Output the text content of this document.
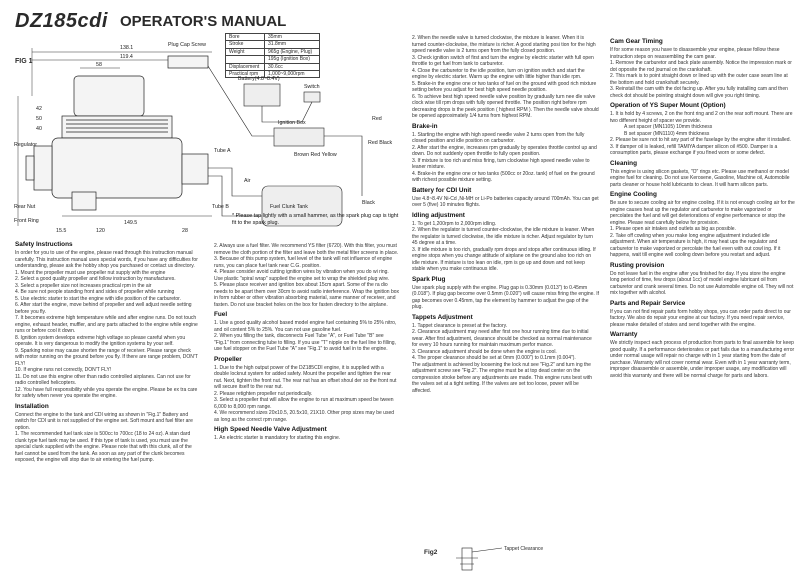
DZ185cdi OPERATOR'S MANUAL
FIG 1
Bore	35mm
Stroke	31.8mm
Weight	965g (Engine, Plug)
	195g (Ignition Box)
Displacement	30.6cc
Practical rpm	1,000~9,000rpm
138.1
119.4
Plug Cap Screw
58
42
50
40
Battery(4.8~8.4V)
Switch
Ignition Box
Brown Red Yellow
Red
Red Black
Regulator
Tube A
Air
Tube B
Rear Nut
Front Ring	149.5
Fuel Clunk Tank
Black
15.5	120	28
* Please tap lightly with a small hammer, as the spark plug cap is tight fit to the spark plug.
Safety Instructions

In order for you to use of the engine, please read through this instruction manual carefully. This instruction manual uses special words, if you have any difficulties for understanding, please ask the hobby shop you purchased or contact us directory.

1. Mount the propeller must use propeller nut supply with the engine

2. Select a good quality propeller and follow instruction by manufactures.

3. Select a propeller size not increases practical rpm in the air

4. Be sure not people standing front and sides of propeller while running

5. Use electric starter to start the engine with idle position of the carburetor.

6. After start the engine, move behind of propeller and well adjust needle setting before you fly.

7. It becomes extreme high temperature while and after engine runs. Do not touch engine, exhaust header, muffler, and any parts attached to the engine while engine runs or before cool it down.

8. Ignition system develops extreme high voltage so please careful when you operate. It is very dangerous to modify the ignition systems by your self.

9. Sparking noise may cause shorten the range of receiver. Please range check with motor running on the ground before you fly. If there are range problem, DON'T FLY!

10. If engine runs not correctly, DON'T FLY!

11. Do not use this engine other than radio controlled airplanes. Can not use for radio controlled helicopters.

12. You have full responsibility while you operate the engine. Please be ex tra care for safety when never you operate the engine.

Installation

Connect the engine to the tank and CDI wiring as shown in "Fig.1" Battery and switch for CDI unit is not supplied of the engine set. Soft mount and fuel filter are option.

1. The recommended fuel tank size is 500cc to 700cc (18 to 24 oz). A stan dard clunk type fuel tank may be used. If this type of tank is used, you must use the special clunk supplied with the engine. Please note that with this clunk, all of the fuel cannot be used from the tank. As soon as any part of the clunk becomes exposed, the engine will stop due to air entering the fuel pump.

2. Always use a fuel filter. We recommend YS filter (6720). With this filter, you must remove the cloth portion of the filter and leave both the metal filter screens in place.

3. Because of this pump system, fuel level of the tank will not influence of engine runs, you can place fuel tank near C.G. position.

4. Please consider avoid cutting ignition wires by vibration when you do wi ring. Use plastic "spiral wrap" supplied the engine set to wrap the shielded plug wire.

5. Please place receiver and ignition box about 15cm apart. Some of the ra dio needs to be apart them over 30cm to avoid radio interference. Wrap the ignition box in form rubber or other vibration absorbing material, same manner of receiver, and fasten. Do not use bracket holes on the box for fasten directory to the airplane.

Fuel

1. Use a good quality alcohol based model engine fuel containing 5% to 25% nitro, and oil content 5% to 25%. You can not use gasoline fuel.

2. When you filling the tank, disconnects Fuel Tube "A", or Fuel Tube "B" see "Fig.1" from connecting tube to filling. If you use "T" nipple on the fuel line to filling, use fuel stopper on the Fuel Tube "A" see "Fig.1" to avoid fuel in to the engine.

Propeller

1. Due to the high output power of the DZ185CDI engine, it is supplied with a double locknut system for added safety. Mount the propeller and tighten the rear nut. Next, tighten the front nut. The rear nut has an offset shoul der so the front nut will secure itself to the rear nut.

2. Please retighten propeller nut periodically.

3. Select a propeller that will allow the engine to run at maximum speed be tween 6,000 to 8,000 rpm range.

4. We recommend sizes 20x10.5, 20.5x10, 21X10. Other prop sizes may be used as long as the correct rpm range.

High Speed Needle Valve Adjustment

1. An electric starter is mandatory for starting this engine.

2. When the needle valve is turned clockwise, the mixture is leaner. When it is turned counter-clockwise, the mixture is richer. A good starting posi tion for the high speed needle valve is 2 turns open from the fully closed position.

3. Check ignition switch of first and turn the engine by electric starter with full open throttle to get fuel from tank to carburetor.

4. Close the carburetor to the idle position, turn on ignition switch and start the engine by electric starter. Warm up the engine with little higher than idle rpm.

5. Brake-in the engine one or two tanks of fuel on the ground with good rich mixture setting before you adjust for best high speed needle position.

6. To achieve best high speed needle valve position by gradually turn nee dle valve clock wise till rpm drops with fully opened throttle. The position right before rpm decreasing drops is the peek position ( highest RPM ). Then the needle valve should be opened approximately 1/4 turns from highest RPM.

Brake-in

1. Starting the engine with high speed needle valve 2 turns open from the fully closed position and idle position on carburetor.

2. After start the engine, increases rpm gradually by operates throttle control up and down. Do not suddenly open throttle to fully open position.

3. If mixture is too rich and miss firing, turn clockwise high speed needle valve to leaner mixture.

4. Brake-in the engine one or two tanks (500cc or 20oz. tank) of fuel on the ground with richest possible mixture setting.

Battery for CDI Unit

Use 4.8~8.4V Ni-Cd ,Ni-MH or Li-Po batteries capacity around 700mAh. You can get over 5 (five) 10 minutes flights.

Idling adjustment

1. To get 1,200rpm to 2,000rpm idling.

2. When the regulator is turned counter-clockwise, the idle mixture is leaner. When the regulator is turned clockwise, the idle mixture is richer. Adjust regulator by turn 45 degree at a time.

3. If idle mixture is too rich, gradually rpm drops and stops after continuous idling. If engine stops when you change attitude of airplane on the ground also too rich on idle mixture. If mixture is too lean on idle, rpm is go up and down and not keep stable when you make continuous idle.

Spark Plug

Use spark plug supply with the engine. Plug gap is 0.30mm (0.013") to 0.45mm (0.018"). If plug gap become over 0.5mm (0.020") will cause miss firing the engine. If gap becomes over 0.45mm, tap the element by hammer to adjust the gap of the plug.

Tappets Adjustment

1. Tappet clearance is preset at the factory.

2. Clearance adjustment may need after first one hour running time due to initial wear. After first adjustment, clearance should be checked as normal maintenance for every 10 hours running for maintain maximum perfor mance.

3. Clearance adjustment should be done when the engine is cool.

4. The proper clearance should be set at 0mm (0.000") to 0.1mm (0.004").

The adjustment is achieved by loosening the lock nut see "Fig.2" and turn ing the adjustment screw see "Fig.2". The engine must be at top dead center on the compression stroke before any adjustments are made. This engine runs best with the valves set at a tight setting. If the valves are set too loose, power will be affected.

Fig2	Tappet Clearance
Cam Gear Timing

If for some reason you have to disassemble your engine, please follow these instruction steps on reassembling the cam gear.

1. Remove the carburetor and back plate assembly. Notice the impression mark or dot opposite the rod journal on the crankshaft.

2. This mark is to point straight down or lined up with the outer case seam line at the bottom and hold crankshaft securely.

3. Reinstall the cam with the dot facing up. After you fully installing cam and then check dot should be pointing straight down will give you right timing.

Operation of YS Super Mount (Option)

1. It is hold by 4 screws, 2 on the front ring and 2 on the rear soft mount. There are two different height of spacer we provide.

A set spacer (MN1105) 10mm thickness

B set spacer (MN1110) 4mm thickness

2. Please be sure not to hit any part of the fuselage by the engine after it installed.

3. If damper oil is leaked, refill TAMIYA damper silicon oil #500. Damper is a consumption parts, please exchange if you fined worn or some defect.

Cleaning

This engine is using silicon gaskets, "O" rings etc. Please use methanol or model engine fuel for cleaning. Do not use Kerosene, Gasoline, Machine oil, Automobile parts cleaner or house hold lubricants to clean. It will harm silicon parts.

Engine Cooling

Be sure to secure cooling air for engine cooling. If it is not enough cooling air for the engine causes heat up the regulator and carburetor to make vaporized or percolates the fuel and will get deteriorations of engine performance or stop the engine. Please read carefully below for provision.

1. Please open air intakes and outlets as big as possible.

2. Take off cowling when you make long engine adjustment included idle adjustment. When air temperature is high, it may heat ups the regulator and carburetor to make vaporized or percolate the fuel even with out cowl ing. If it happens, wait till engine well cooling down before you restart and adjust.

Rusting provision

Do not leave fuel in the engine after you finished for day. If you store the engine long period of time, few drops (about 1cc) of model engine lubricant oil from carburetor and crank several times. Do not use Automobile engine oil. They will not mix together with alcohol.

Parts and Repair Service

If you can not find repair parts form hobby shops, you can order parts direct to our factory. We also do repair your engine at our factory. If you need repair service, please make detailed of states and send together with the engine.

Warranty

We strictly inspect each process of production from parts to final assemble for keep good quality. If a performance deteriorates or part fails due to a manufacturing error under normal usage will repair no charge with in 1 year starting from the date of purchase. Warranty will not cover normal wear. Even with in 1 year warranty term, improper disassemble or assemble, under improper usage, any modification will avoid this warranty and there will be normal charge for parts and labors.
